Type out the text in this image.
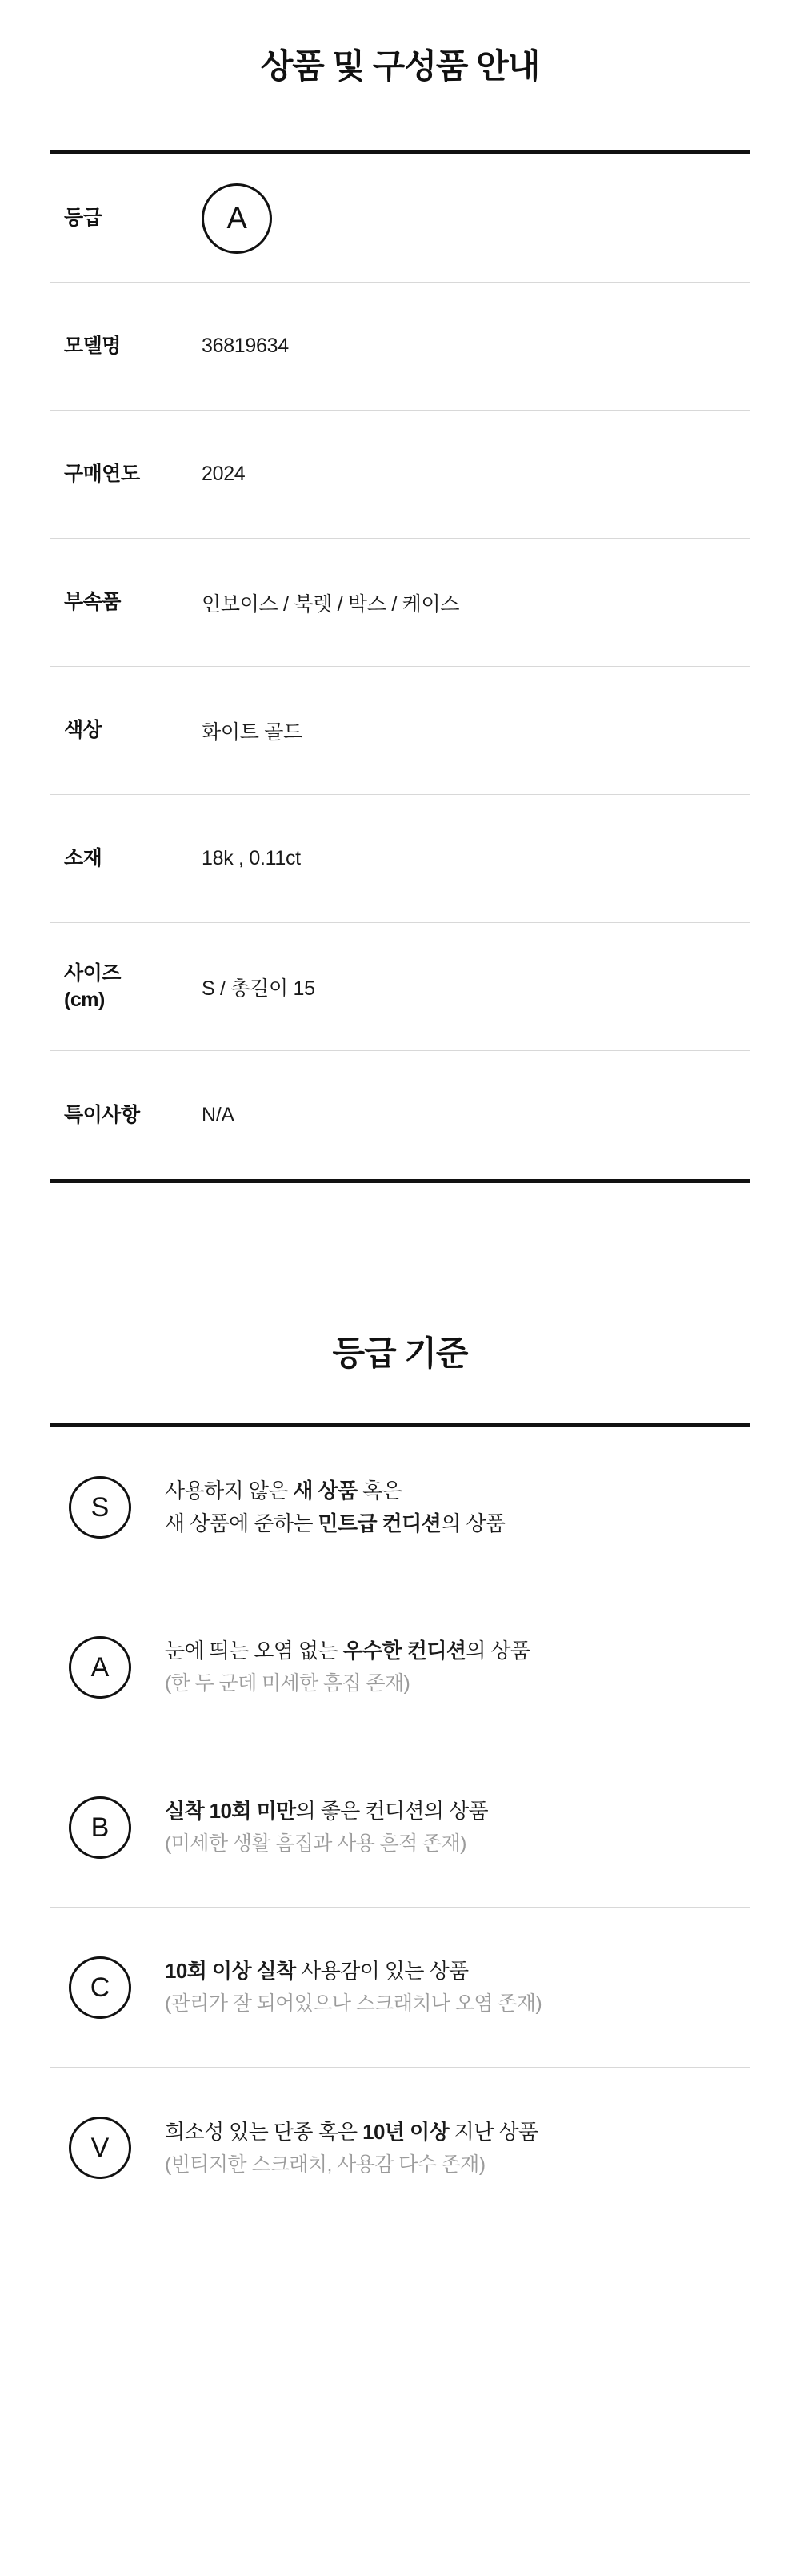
상품 및 구성품 안내
등급	A
모델명	36819634
구매연도	2024
부속품	인보이스 / 북렛 / 박스 / 케이스
색상	화이트 골드
소재	18k , 0.11ct
사이즈
(cm)	S / 총길이 15
특이사항	N/A
등급 기준
S
사용하지 않은 새 상품 혹은
새 상품에 준하는 민트급 컨디션의 상품
A
눈에 띄는 오염 없는 우수한 컨디션의 상품
(한 두 군데 미세한 흠집 존재)
B
실착 10회 미만의 좋은 컨디션의 상품
(미세한 생활 흠집과 사용 흔적 존재)
C
10회 이상 실착 사용감이 있는 상품
(관리가 잘 되어있으나 스크래치나 오염 존재)
V
희소성 있는 단종 혹은 10년 이상 지난 상품
(빈티지한 스크래치, 사용감 다수 존재)
